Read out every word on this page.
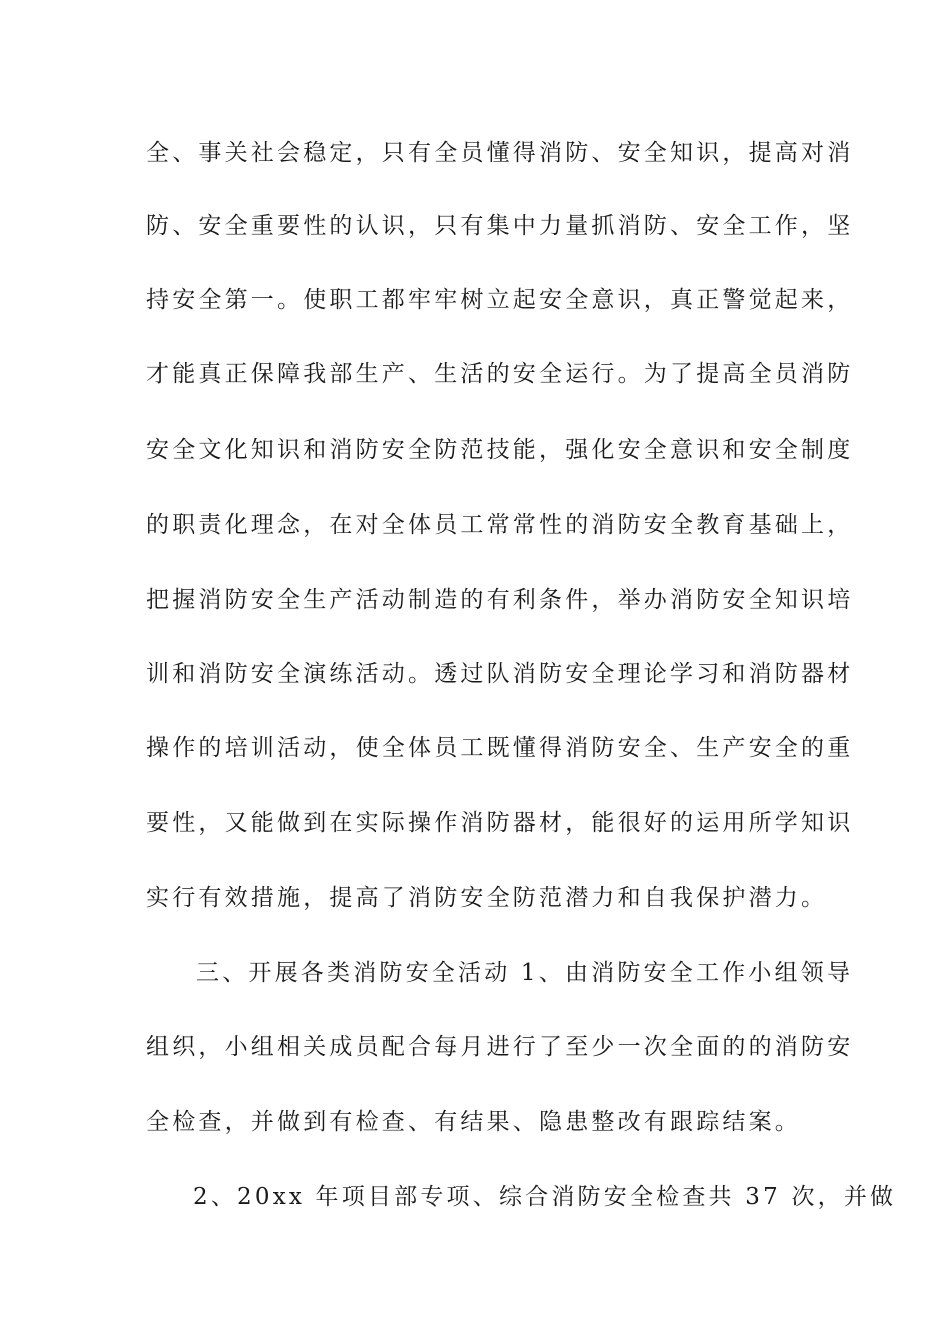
全、事关社会稳定，只有全员懂得消防、安全知识，提高对消
防、安全重要性的认识，只有集中力量抓消防、安全工作，坚
持安全第一。使职工都牢牢树立起安全意识，真正警觉起来，
才能真正保障我部生产、生活的安全运行。为了提高全员消防
安全文化知识和消防安全防范技能，强化安全意识和安全制度
的职责化理念，在对全体员工常常性的消防安全教育基础上，
把握消防安全生产活动制造的有利条件，举办消防安全知识培
训和消防安全演练活动。透过队消防安全理论学习和消防器材
操作的培训活动，使全体员工既懂得消防安全、生产安全的重
要性，又能做到在实际操作消防器材，能很好的运用所学知识
实行有效措施，提高了消防安全防范潜力和自我保护潜力。
三、开展各类消防安全活动 1、由消防安全工作小组领导
组织，小组相关成员配合每月进行了至少一次全面的的消防安
全检查，并做到有检查、有结果、隐患整改有跟踪结案。
2、20xx 年项目部专项、综合消防安全检查共 37 次，并做
